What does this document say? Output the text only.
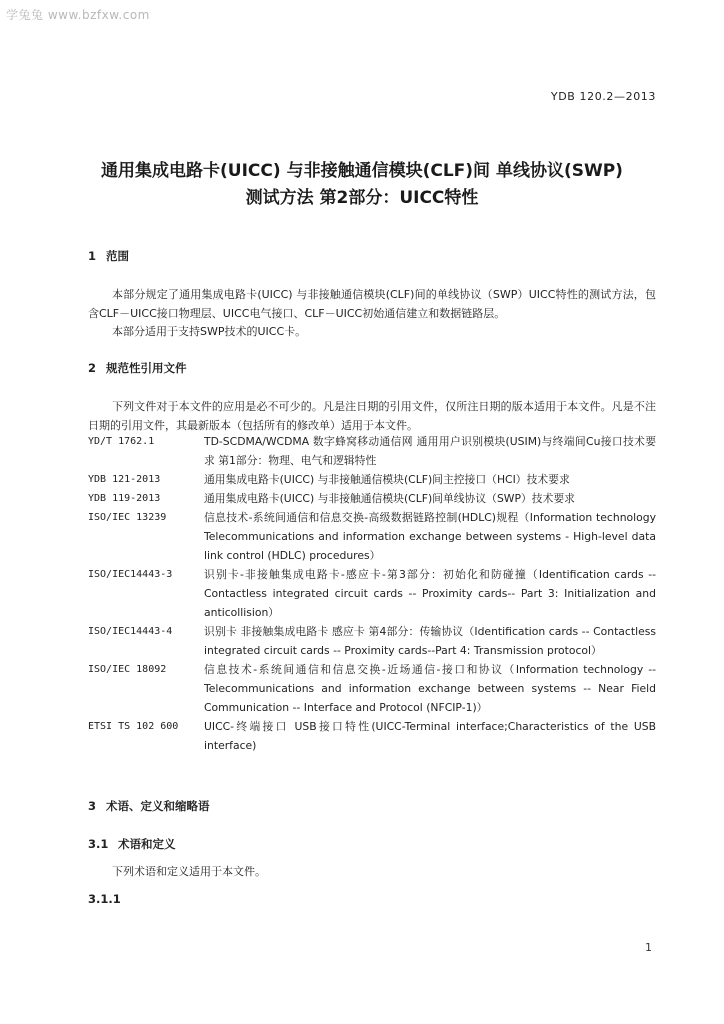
学兔兔 www.bzfxw.com
YDB 120.2—2013
通用集成电路卡(UICC) 与非接触通信模块(CLF)间 单线协议(SWP)
测试方法 第2部分：UICC特性
1 范围
本部分规定了通用集成电路卡(UICC) 与非接触通信模块(CLF)间的单线协议（SWP）UICC特性的测试方法，包含CLF－UICC接口物理层、UICC电气接口、CLF－UICC初始通信建立和数据链路层。
本部分适用于支持SWP技术的UICC卡。
2 规范性引用文件
下列文件对于本文件的应用是必不可少的。凡是注日期的引用文件，仅所注日期的版本适用于本文件。凡是不注日期的引用文件，其最新版本（包括所有的修改单）适用于本文件。
YD/T 1762.1	TD-SCDMA/WCDMA 数字蜂窝移动通信网 通用用户识别模块(USIM)与终端间Cu接口技术要求 第1部分：物理、电气和逻辑特性
YDB 121-2013	通用集成电路卡(UICC) 与非接触通信模块(CLF)间主控接口（HCI）技术要求
YDB 119-2013	通用集成电路卡(UICC) 与非接触通信模块(CLF)间单线协议（SWP）技术要求
ISO/IEC 13239	信息技术-系统间通信和信息交换-高级数据链路控制(HDLC)规程（Information technology Telecommunications and information exchange between systems - High-level data link control (HDLC) procedures）
ISO/IEC14443-3	识别卡-非接触集成电路卡-感应卡-第3部分：初始化和防碰撞（Identification cards -- Contactless integrated circuit cards -- Proximity cards-- Part 3: Initialization and anticollision）
ISO/IEC14443-4	识别卡 非接触集成电路卡 感应卡 第4部分：传输协议（Identification cards -- Contactless integrated circuit cards -- Proximity cards--Part 4: Transmission protocol）
ISO/IEC 18092	信息技术-系统间通信和信息交换-近场通信-接口和协议（Information technology -- Telecommunications and information exchange between systems -- Near Field Communication -- Interface and Protocol (NFCIP-1)）
ETSI TS 102 600	UICC-终端接口 USB接口特性(UICC-Terminal interface;Characteristics of the USB interface)
3 术语、定义和缩略语
3.1 术语和定义
下列术语和定义适用于本文件。
3.1.1
1
